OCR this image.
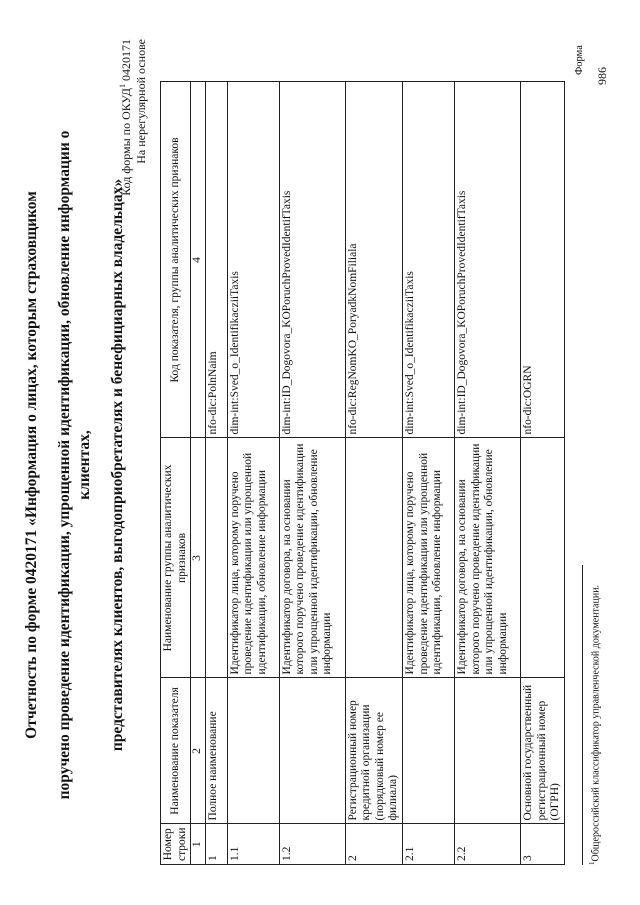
Форма
Отчетность по форме 0420171 «Информация о лицах, которым страховщиком поручено проведение идентификации, упрощенной идентификации, обновление информации о клиентах, представителях клиентов, выгодоприобретателях и бенефициарных владельцах»
Код формы по ОКУД$^1$ 0420171 На нерегулярной основе
Номер строки	Наименование показателя	Наименование группы аналитических признаков	Код показателя, группы аналитических признаков
1	2	3	4
1	Полное наименование		nfo-dic:PolnNaim
1.1		Идентификатор лица, которому поручено проведение идентификации или упрощенной идентификации, обновление информации	dim-int:Sved_o_IdentifikacziiTaxis
1.2		Идентификатор договора, на основании которого поручено проведение идентификации или упрощенной идентификации, обновление информации	dim-int:ID_Dogovora_KOPoruchProvedIdentifTaxis
2	Регистрационный номер кредитной организации (порядковый номер ее филиала)		nfo-dic:RegNomKO_PoryadkNomFiliala
2.1		Идентификатор лица, которому поручено проведение идентификации или упрощенной идентификации, обновление информации	dim-int:Sved_o_IdentifikacziiTaxis
2.2		Идентификатор договора, на основании которого поручено проведение идентификации или упрощенной идентификации, обновление информации	dim-int:ID_Dogovora_KOPoruchProvedIdentifTaxis
3	Основной государственный регистрационный номер (ОГРН)		nfo-dic:OGRN
$^1$Общероссийский классификатор управленческой документации.
986
